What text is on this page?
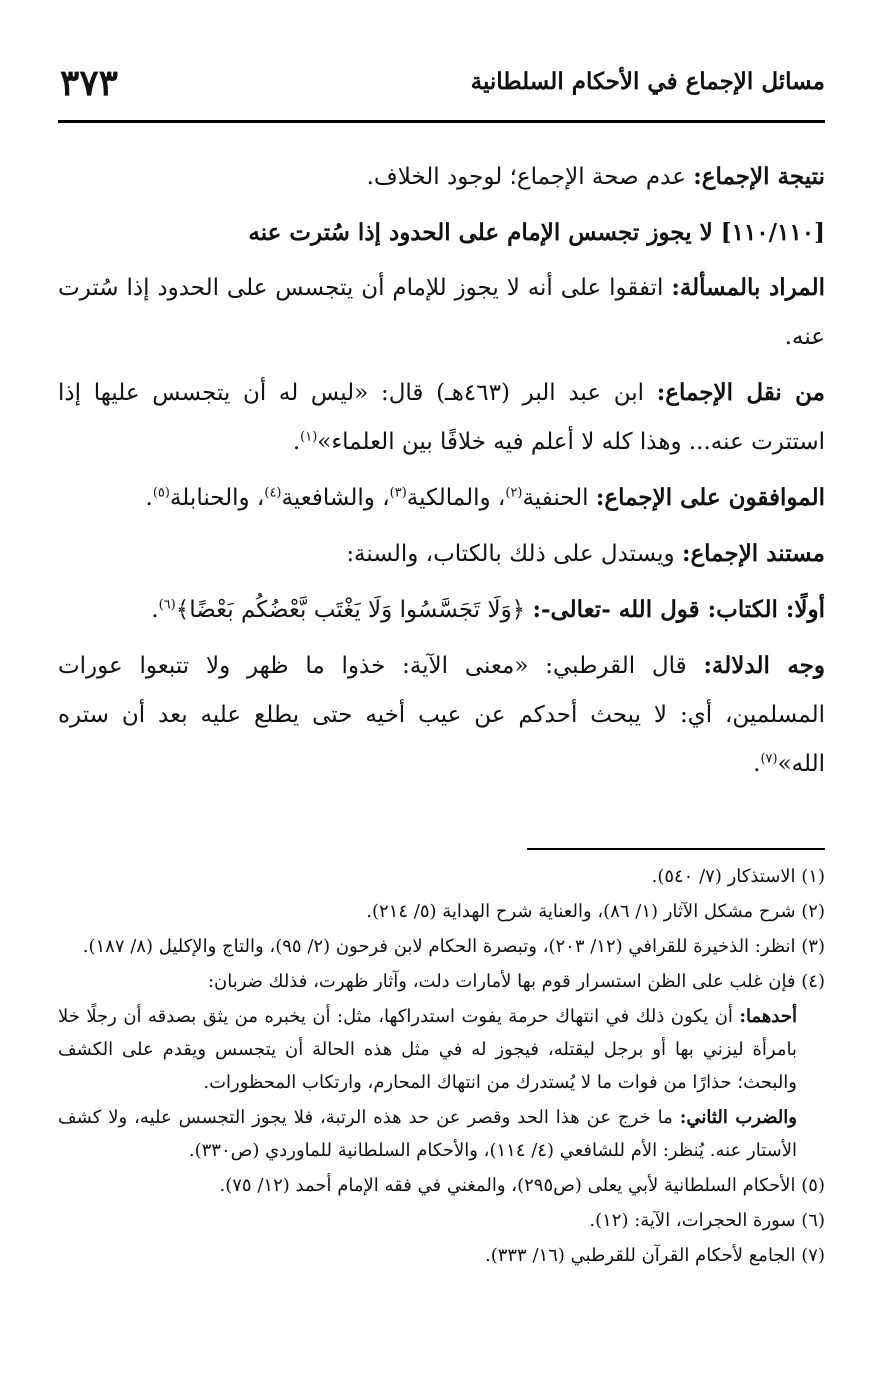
مسائل الإجماع في الأحكام السلطانية
٣٧٣

نتيجة الإجماع: عدم صحة الإجماع؛ لوجود الخلاف.

[١١٠/١١٠] لا يجوز تجسس الإمام على الحدود إذا سُترت عنه

المراد بالمسألة: اتفقوا على أنه لا يجوز للإمام أن يتجسس على الحدود إذا سُترت عنه.

من نقل الإجماع: ابن عبد البر (٤٦٣هـ) قال: «ليس له أن يتجسس عليها إذا استترت عنه... وهذا كله لا أعلم فيه خلافًا بين العلماء»$^{(١)}$.

الموافقون على الإجماع: الحنفية$^{(٢)}$، والمالكية$^{(٣)}$، والشافعية$^{(٤)}$، والحنابلة$^{(٥)}$.

مستند الإجماع: ويستدل على ذلك بالكتاب، والسنة:

أولًا: الكتاب: قول الله -تعالى-: ﴿وَلَا تَجَسَّسُوا وَلَا يَغْتَب بَّعْضُكُم بَعْضًا﴾$^{(٦)}$.

وجه الدلالة: قال القرطبي: «معنى الآية: خذوا ما ظهر ولا تتبعوا عورات المسلمين، أي: لا يبحث أحدكم عن عيب أخيه حتى يطلع عليه بعد أن ستره الله»$^{(٧)}$.

(١) الاستذكار (٧/ ٥٤٠).

(٢) شرح مشكل الآثار (١/ ٨٦)، والعناية شرح الهداية (٥/ ٢١٤).

(٣) انظر: الذخيرة للقرافي (١٢/ ٢٠٣)، وتبصرة الحكام لابن فرحون (٢/ ٩٥)، والتاج والإكليل (٨/ ١٨٧).

(٤) فإن غلب على الظن استسرار قوم بها لأمارات دلت، وآثار ظهرت، فذلك ضربان:

أحدهما: أن يكون ذلك في انتهاك حرمة يفوت استدراكها، مثل: أن يخبره من يثق بصدقه أن رجلًا خلا بامرأة ليزني بها أو برجل ليقتله، فيجوز له في مثل هذه الحالة أن يتجسس ويقدم على الكشف والبحث؛ حذارًا من فوات ما لا يُستدرك من انتهاك المحارم، وارتكاب المحظورات.

والضرب الثاني: ما خرج عن هذا الحد وقصر عن حد هذه الرتبة، فلا يجوز التجسس عليه، ولا كشف الأستار عنه. يُنظر: الأم للشافعي (٤/ ١١٤)، والأحكام السلطانية للماوردي (ص٣٣٠).

(٥) الأحكام السلطانية لأبي يعلى (ص٢٩٥)، والمغني في فقه الإمام أحمد (١٢/ ٧٥).

(٦) سورة الحجرات، الآية: (١٢).

(٧) الجامع لأحكام القرآن للقرطبي (١٦/ ٣٣٣).
